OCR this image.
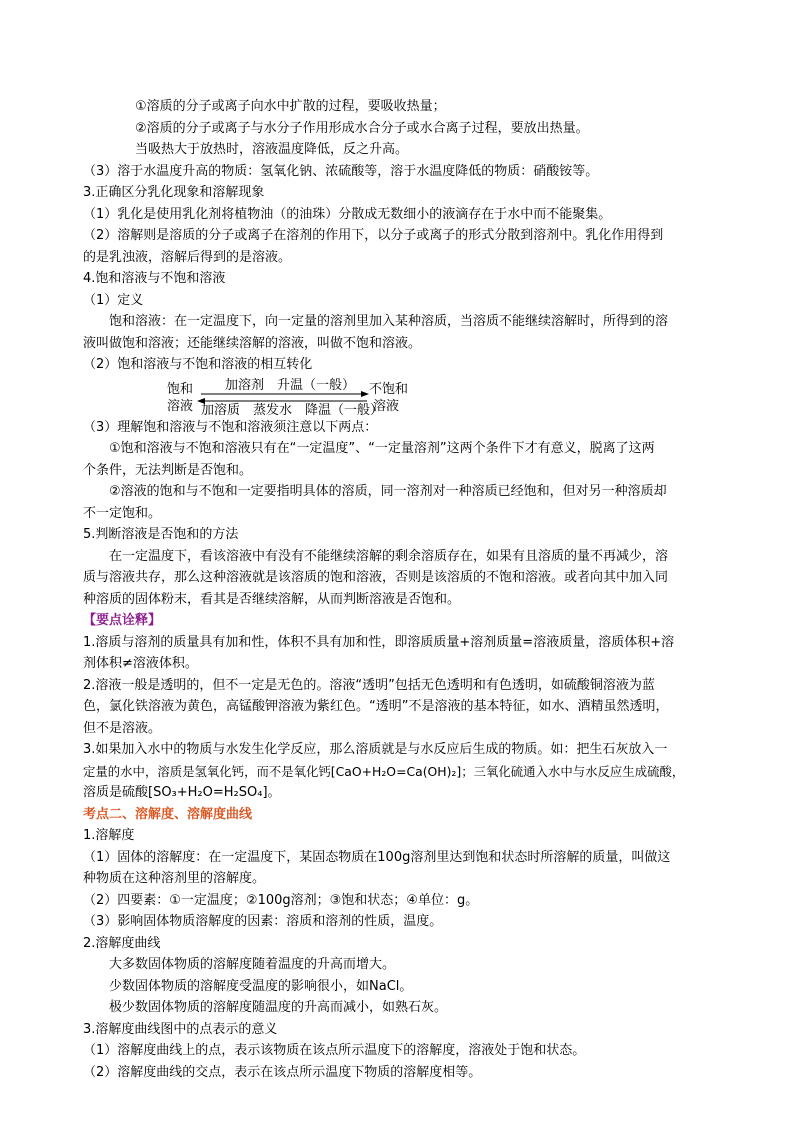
①溶质的分子或离子向水中扩散的过程，要吸收热量；

②溶质的分子或离子与水分子作用形成水合分子或水合离子过程，要放出热量。

当吸热大于放热时，溶液温度降低，反之升高。

（3）溶于水温度升高的物质：氢氧化钠、浓硫酸等，溶于水温度降低的物质：硝酸铵等。

3.正确区分乳化现象和溶解现象

（1）乳化是使用乳化剂将植物油（的油珠）分散成无数细小的液滴存在于水中而不能聚集。

（2）溶解则是溶质的分子或离子在溶剂的作用下，以分子或离子的形式分散到溶剂中。乳化作用得到

的是乳浊液，溶解后得到的是溶液。

4.饱和溶液与不饱和溶液

（1）定义

饱和溶液：在一定温度下，向一定量的溶剂里加入某种溶质，当溶质不能继续溶解时，所得到的溶

液叫做饱和溶液；还能继续溶解的溶液，叫做不饱和溶液。

（2）饱和溶液与不饱和溶液的相互转化

饱和
溶液
加溶剂　升温（一般）
加溶质　蒸发水　降温（一般）
不饱和
溶液

（3）理解饱和溶液与不饱和溶液须注意以下两点：

①饱和溶液与不饱和溶液只有在“一定温度”、“一定量溶剂”这两个条件下才有意义，脱离了这两

个条件，无法判断是否饱和。

②溶液的饱和与不饱和一定要指明具体的溶质，同一溶剂对一种溶质已经饱和，但对另一种溶质却

不一定饱和。

5.判断溶液是否饱和的方法

在一定温度下，看该溶液中有没有不能继续溶解的剩余溶质存在，如果有且溶质的量不再减少，溶

质与溶液共存，那么这种溶液就是该溶质的饱和溶液，否则是该溶质的不饱和溶液。或者向其中加入同

种溶质的固体粉末，看其是否继续溶解，从而判断溶液是否饱和。

【要点诠释】

1.溶质与溶剂的质量具有加和性，体积不具有加和性，即溶质质量+溶剂质量=溶液质量，溶质体积+溶

剂体积≠溶液体积。

2.溶液一般是透明的，但不一定是无色的。溶液“透明”包括无色透明和有色透明，如硫酸铜溶液为蓝

色，氯化铁溶液为黄色，高锰酸钾溶液为紫红色。“透明”不是溶液的基本特征，如水、酒精虽然透明，

但不是溶液。

3.如果加入水中的物质与水发生化学反应，那么溶质就是与水反应后生成的物质。如：把生石灰放入一

定量的水中，溶质是氢氧化钙，而不是氧化钙[CaO+H₂O=Ca(OH)₂]；三氧化硫通入水中与水反应生成硫酸，

溶质是硫酸[SO₃+H₂O=H₂SO₄]。

考点二、溶解度、溶解度曲线

1.溶解度

（1）固体的溶解度：在一定温度下，某固态物质在100g溶剂里达到饱和状态时所溶解的质量，叫做这

种物质在这种溶剂里的溶解度。

（2）四要素：①一定温度；②100g溶剂；③饱和状态；④单位：g。

（3）影响固体物质溶解度的因素：溶质和溶剂的性质，温度。

2.溶解度曲线

大多数固体物质的溶解度随着温度的升高而增大。

少数固体物质的溶解度受温度的影响很小，如NaCl。

极少数固体物质的溶解度随温度的升高而减小，如熟石灰。

3.溶解度曲线图中的点表示的意义

（1）溶解度曲线上的点，表示该物质在该点所示温度下的溶解度，溶液处于饱和状态。

（2）溶解度曲线的交点，表示在该点所示温度下物质的溶解度相等。
